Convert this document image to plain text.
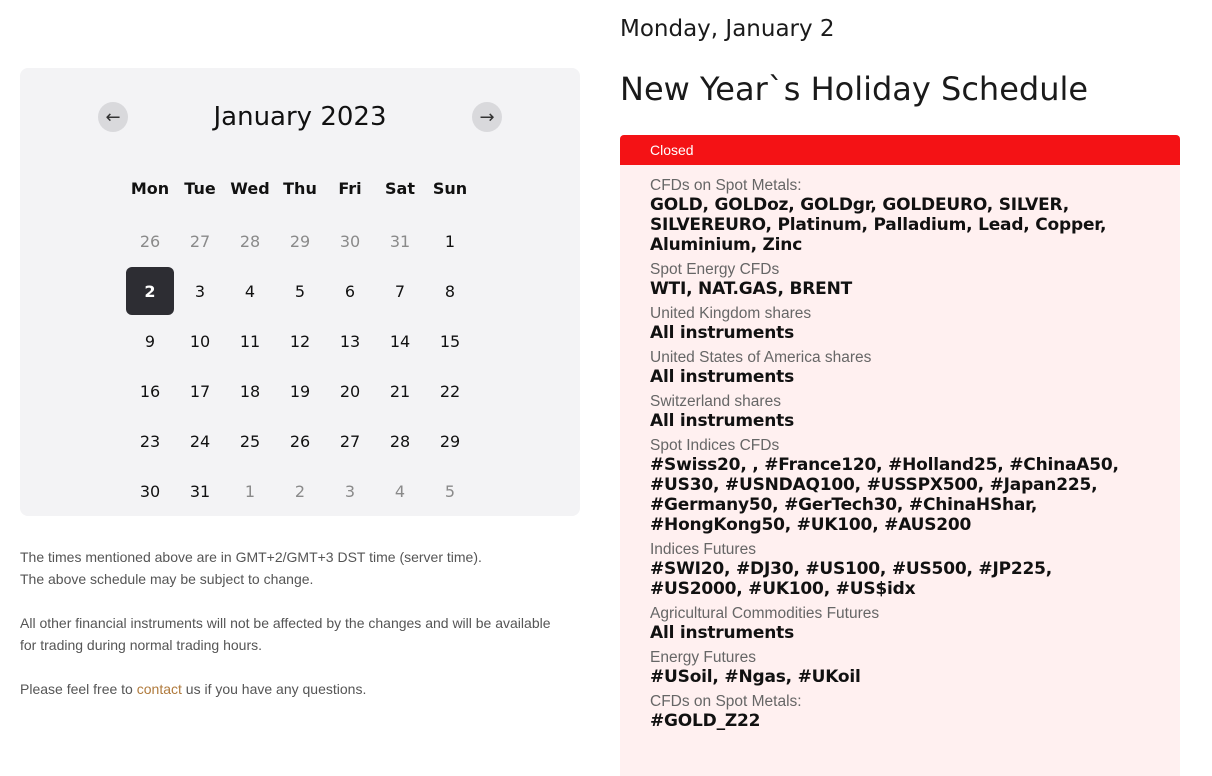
←	January 2023	→
Mon Tue Wed Thu	Fri	Sat	Sun
26 27 28 29 30 31 1
2	3 4 5 6 7 8
9 10 11 12 13 14 15
16 17 18 19 20 21 22
23 24 25 26 27 28 29
30 31 1 2 3 4 5

The times mentioned above are in GMT+2/GMT+3 DST time (server time).
The above schedule may be subject to change.

All other financial instruments will not be affected by the changes and will be available for trading during normal trading hours.

Please feel free to contact us if you have any questions.

Monday, January 2
New Year`s Holiday Schedule
Closed
CFDs on Spot Metals:
GOLD, GOLDoz, GOLDgr, GOLDEURO, SILVER, SILVEREURO, Platinum, Palladium, Lead, Copper, Aluminium, Zinc
Spot Energy CFDs
WTI, NAT.GAS, BRENT
United Kingdom shares
All instruments
United States of America shares
All instruments
Switzerland shares
All instruments
Spot Indices CFDs
#Swiss20, , #France120, #Holland25, #ChinaA50, #US30, #USNDAQ100, #USSPX500, #Japan225, #Germany50, #GerTech30, #ChinaHShar, #HongKong50, #UK100, #AUS200
Indices Futures
#SWI20, #DJ30, #US100, #US500, #JP225, #US2000, #UK100, #US$idx
Agricultural Commodities Futures
All instruments
Energy Futures
#USoil, #Ngas, #UKoil
CFDs on Spot Metals:
#GOLD_Z22
